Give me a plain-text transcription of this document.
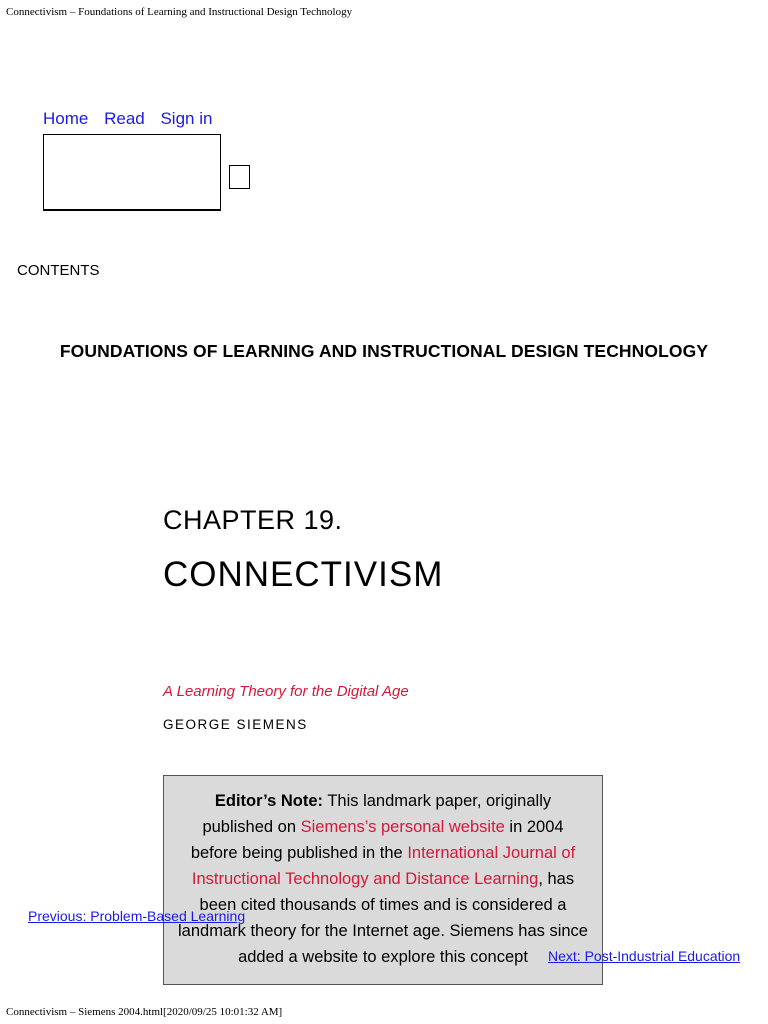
Connectivism – Foundations of Learning and Instructional Design Technology
Home Read Sign in
CONTENTS
FOUNDATIONS OF LEARNING AND INSTRUCTIONAL DESIGN TECHNOLOGY
CHAPTER 19.
CONNECTIVISM
A Learning Theory for the Digital Age
GEORGE SIEMENS
Editor’s Note: This landmark paper, originally published on Siemens’s personal website in 2004 before being published in the International Journal of Instructional Technology and Distance Learning, has been cited thousands of times and is considered a landmark theory for the Internet age. Siemens has since added a website to explore this concept
Previous: Problem-Based Learning
Next: Post-Industrial Education
Connectivism – Siemens 2004.html[2020/09/25 10:01:32 AM]
